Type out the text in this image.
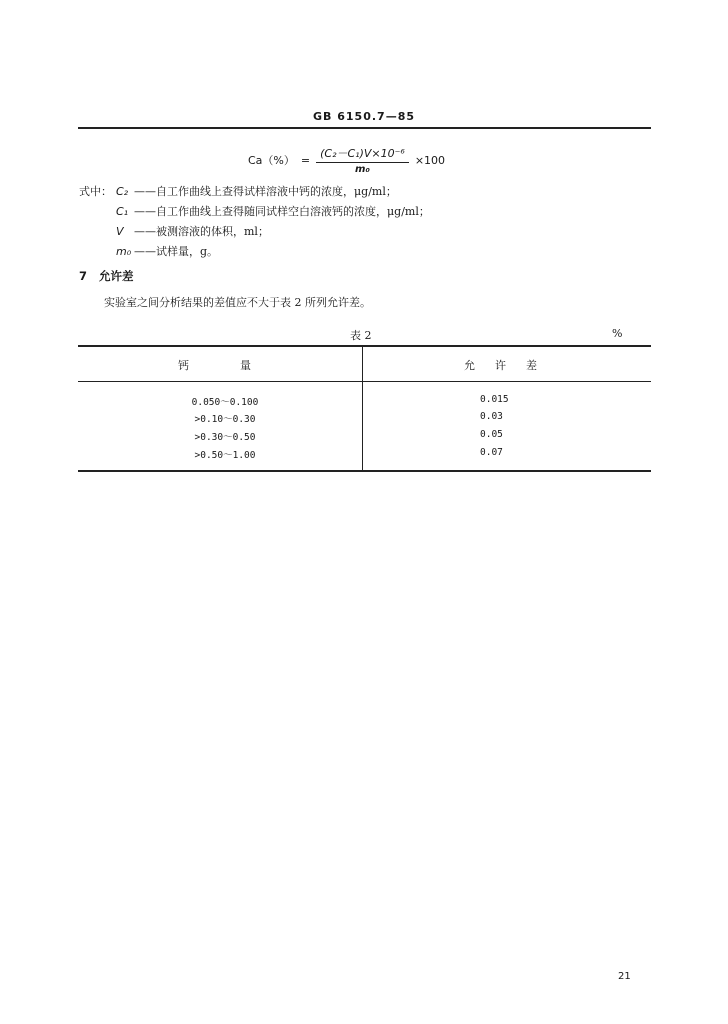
GB 6150.7—85
$Ca(\%) = \frac{\text{(C₂－C₁)V×10⁻⁶}}{\text{m₀}} \times 100$
式中： C₂ ——自工作曲线上查得试样溶液中钙的浓度，μg/ml；
C₁ ——自工作曲线上查得随同试样空白溶液钙的浓度，μg/ml；
V ——被测溶液的体积，ml；
m₀ ——试样量，g。
7 允许差
实验室之间分析结果的差值应不大于表 2 所列允许差。
表 2	%
钙　量	允许差
0.050～0.100	0.015
>0.10～0.30	0.03
>0.30～0.50	0.05
>0.50～1.00	0.07
21
